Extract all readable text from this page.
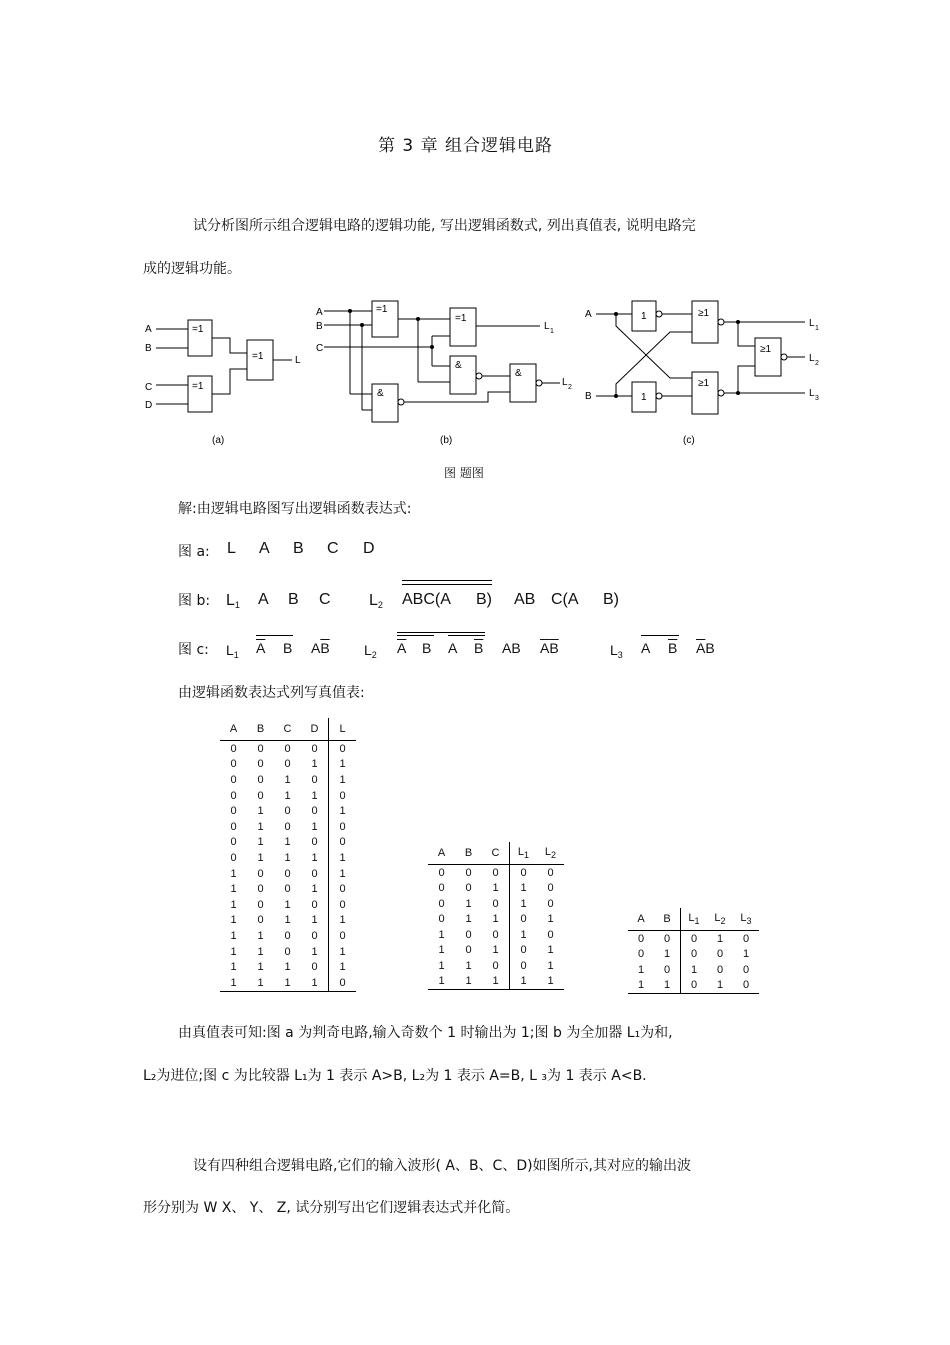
第 3 章 组合逻辑电路
试分析图所示组合逻辑电路的逻辑功能, 写出逻辑函数式, 列出真值表, 说明电路完
成的逻辑功能。
A
B
C
D
=1
=1
=1	L
(a)
A
B
C
=1
=1
&
&
&
L 1
L 2
(b)
A
B
1
1
≥1
≥1
≥1
L 1
L 2
L 3
(c)
图 题图
解:由逻辑电路图写出逻辑函数表达式:
图 a: L A B C D
图 b: $L_1$ A B C $L_2$ ABC(A B) AB C(A B)
图 c: $L_1$ $\overline{A}$ B $A\overline{B}$ $L_2$ $\overline{A}$ B A $\overline{B}$ AB $\overline{A}\overline{B}$	$L_3$ A $\overline{B}$ $\overline{A}B$
由逻辑函数表达式列写真值表:
A	B	C	D	L
0	0	0	0	0
0	0	0	1	1
0	0	1	0	1
0	0	1	1	0
0	1	0	0	1
0	1	0	1	0
0	1	1	0	0
0	1	1	1	1
1	0	0	0	1
1	0	0	1	0
1	0	1	0	0
1	0	1	1	1
1	1	0	0	0
1	1	0	1	1
1	1	1	0	1
1	1	1	1	0
A	B	C	$L_1$	$L_2$
0	0	0	0	0
0	0	1	1	0
0	1	0	1	0
0	1	1	0	1
1	0	0	1	0
1	0	1	0	1
1	1	0	0	1
1	1	1	1	1
A	B	$L_1$	$L_2$	$L_3$
0	0	0	1	0
0	1	0	0	1
1	0	1	0	0
1	1	0	1	0
由真值表可知:图 a 为判奇电路,输入奇数个 1 时输出为 1;图 b 为全加器 L₁为和,
L₂为进位;图 c 为比较器 L₁为 1 表示 A>B, L₂为 1 表示 A=B, L ₃为 1 表示 A<B.
设有四种组合逻辑电路,它们的输入波形( A、B、C、D)如图所示,其对应的输出波
形分别为 W X、 Y、 Z, 试分别写出它们逻辑表达式并化简。
